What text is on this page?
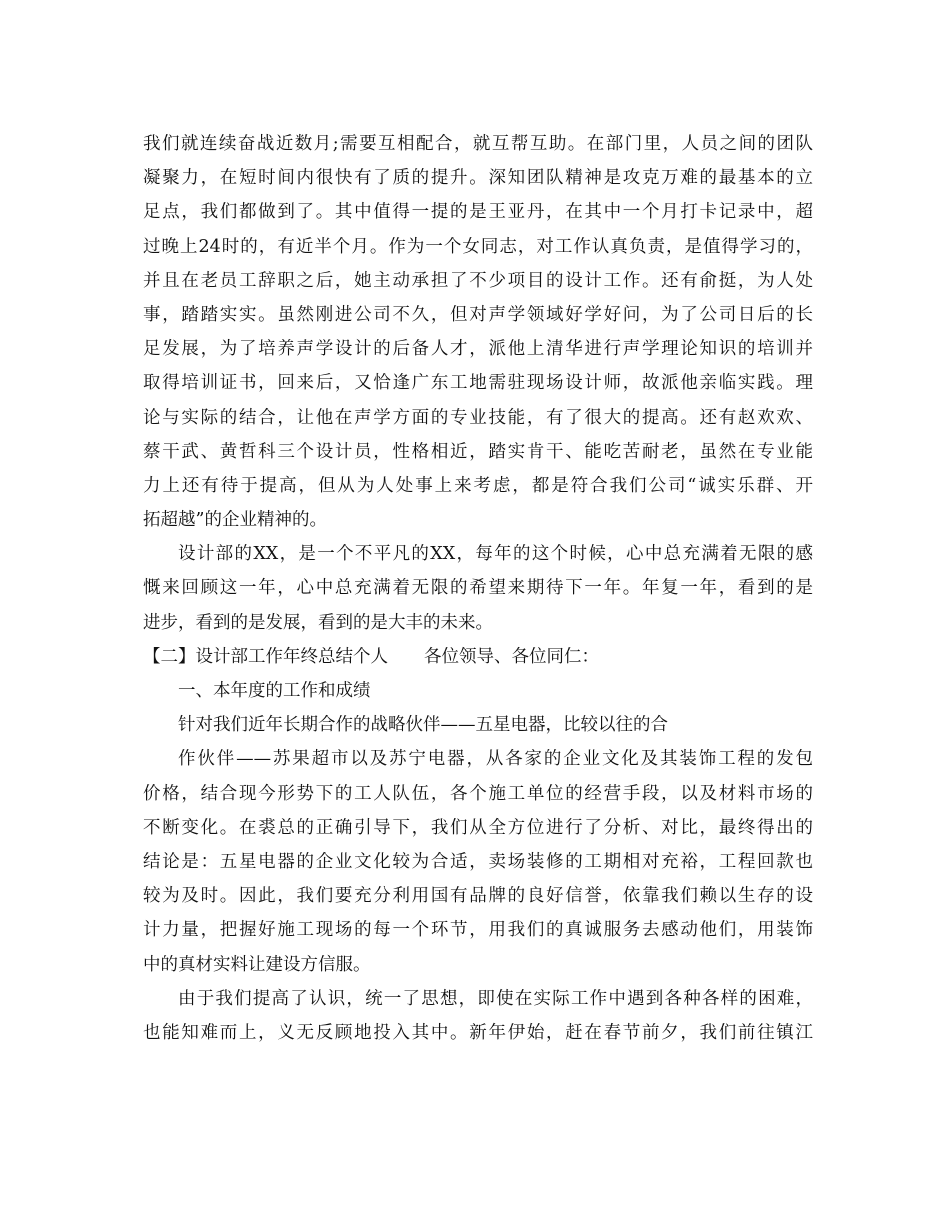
我们就连续奋战近数月;需要互相配合，就互帮互助。在部门里，人员之间的团队
凝聚力，在短时间内很快有了质的提升。深知团队精神是攻克万难的最基本的立
足点，我们都做到了。其中值得一提的是王亚丹，在其中一个月打卡记录中，超
过晚上24时的，有近半个月。作为一个女同志，对工作认真负责，是值得学习的，
并且在老员工辞职之后，她主动承担了不少项目的设计工作。还有俞挺，为人处
事，踏踏实实。虽然刚进公司不久，但对声学领域好学好问，为了公司日后的长
足发展，为了培养声学设计的后备人才，派他上清华进行声学理论知识的培训并
取得培训证书，回来后，又恰逢广东工地需驻现场设计师，故派他亲临实践。理
论与实际的结合，让他在声学方面的专业技能，有了很大的提高。还有赵欢欢、
蔡干武、黄哲科三个设计员，性格相近，踏实肯干、能吃苦耐老，虽然在专业能
力上还有待于提高，但从为人处事上来考虑，都是符合我们公司“诚实乐群、开
拓超越”的企业精神的。
设计部的XX，是一个不平凡的XX，每年的这个时候，心中总充满着无限的感
慨来回顾这一年，心中总充满着无限的希望来期待下一年。年复一年，看到的是
进步，看到的是发展，看到的是大丰的未来。
【二】设计部工作年终总结个人 各位领导、各位同仁：
一、本年度的工作和成绩
针对我们近年长期合作的战略伙伴——五星电器，比较以往的合
作伙伴——苏果超市以及苏宁电器，从各家的企业文化及其装饰工程的发包
价格，结合现今形势下的工人队伍，各个施工单位的经营手段，以及材料市场的
不断变化。在裘总的正确引导下，我们从全方位进行了分析、对比，最终得出的
结论是：五星电器的企业文化较为合适，卖场装修的工期相对充裕，工程回款也
较为及时。因此，我们要充分利用国有品牌的良好信誉，依靠我们赖以生存的设
计力量，把握好施工现场的每一个环节，用我们的真诚服务去感动他们，用装饰
中的真材实料让建设方信服。
由于我们提高了认识，统一了思想，即使在实际工作中遇到各种各样的困难，
也能知难而上，义无反顾地投入其中。新年伊始，赶在春节前夕，我们前往镇江
